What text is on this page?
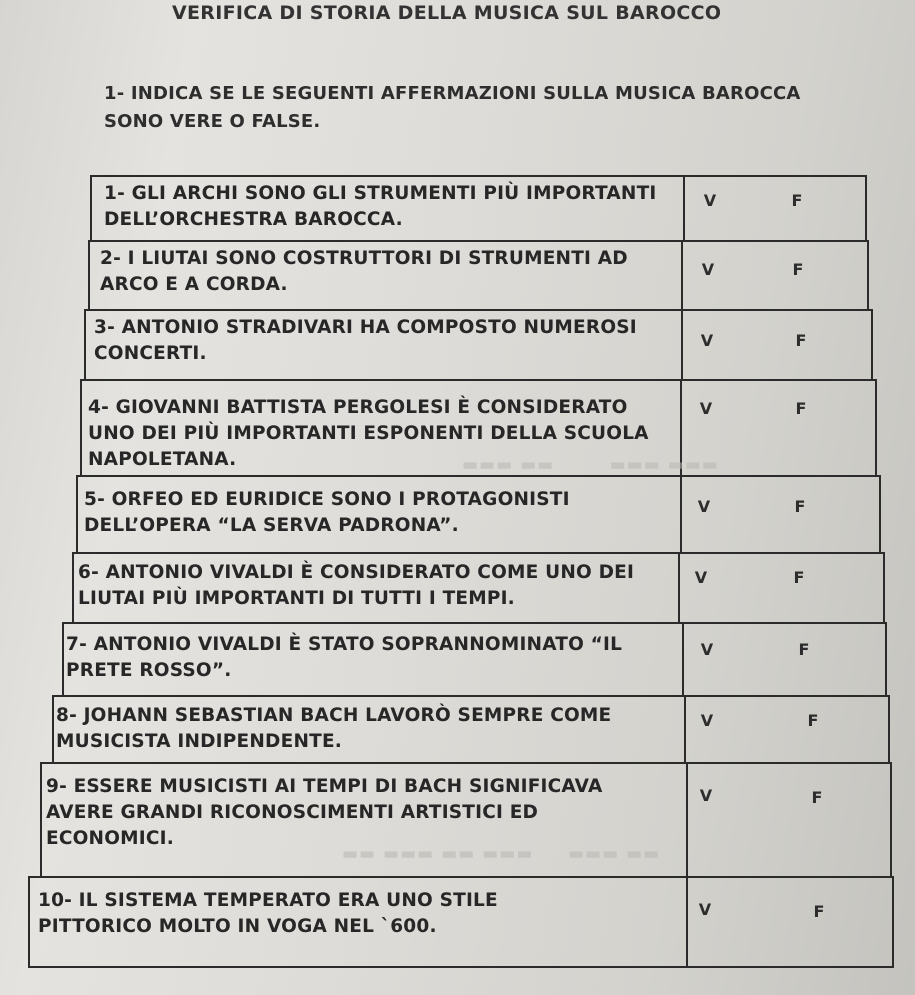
VERIFICA DI STORIA DELLA MUSICA SUL BAROCCO
1- INDICA SE LE SEGUENTI AFFERMAZIONI SULLA MUSICA BAROCCA
SONO VERE O FALSE.
1- GLI ARCHI SONO GLI STRUMENTI PIÙ IMPORTANTI
DELL’ORCHESTRA BAROCCA.
V	F
2- I LIUTAI SONO COSTRUTTORI DI STRUMENTI AD
ARCO E A CORDA.
V	F
3- ANTONIO STRADIVARI HA COMPOSTO NUMEROSI
CONCERTI.
V	F
4- GIOVANNI BATTISTA PERGOLESI È CONSIDERATO
UNO DEI PIÙ IMPORTANTI ESPONENTI DELLA SCUOLA
NAPOLETANA.
V	F
▬▬▬ ▬▬        ▬▬▬ ▬▬▬
5- ORFEO ED EURIDICE SONO I PROTAGONISTI
DELL’OPERA “LA SERVA PADRONA”.
V	F
6- ANTONIO VIVALDI È CONSIDERATO COME UNO DEI
LIUTAI PIÙ IMPORTANTI DI TUTTI I TEMPI.
V	F
7- ANTONIO VIVALDI È STATO SOPRANNOMINATO “IL
PRETE ROSSO”.
V	F
8- JOHANN SEBASTIAN BACH LAVORÒ SEMPRE COME
MUSICISTA INDIPENDENTE.
V	F
9- ESSERE MUSICISTI AI TEMPI DI BACH SIGNIFICAVA
AVERE GRANDI RICONOSCIMENTI ARTISTICI ED
ECONOMICI.
V	F
▬▬ ▬▬▬ ▬▬ ▬▬▬     ▬▬▬ ▬▬
10- IL SISTEMA TEMPERATO ERA UNO STILE
PITTORICO MOLTO IN VOGA NEL `600.
V	F
